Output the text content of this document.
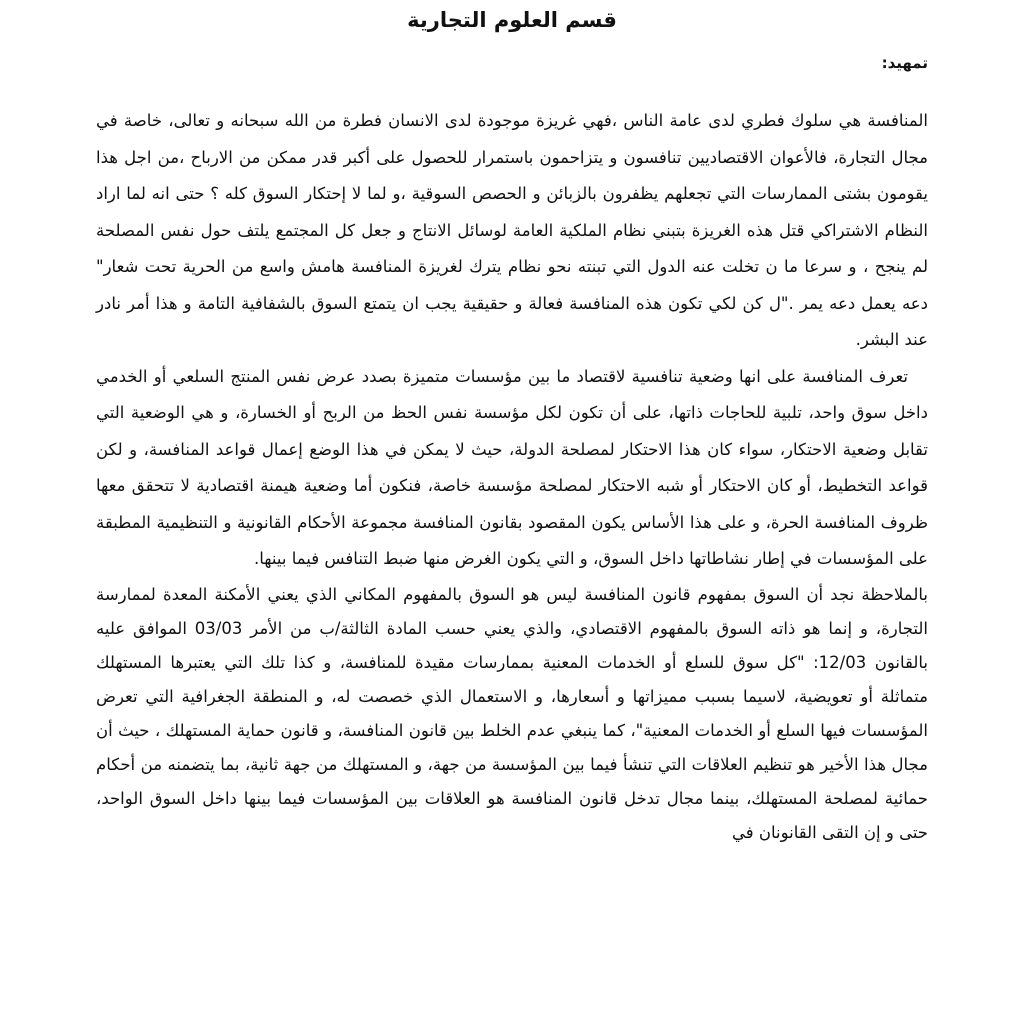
قسم العلوم التجارية
تمهيد:

المنافسة هي سلوك فطري لدى عامة الناس ،فهي غريزة موجودة لدى الانسان فطرة من الله سبحانه و تعالى، خاصة في مجال التجارة، فالأعوان الاقتصاديين تنافسون و يتزاحمون باستمرار للحصول على أكبر قدر ممكن من الارباح ،من اجل هذا يقومون بشتى الممارسات التي تجعلهم يظفرون بالزبائن و الحصص السوقية ،و لما لا إحتكار السوق كله ؟ حتى انه لما اراد النظام الاشتراكي قتل هذه الغريزة بتبني نظام الملكية العامة لوسائل الانتاج و جعل كل المجتمع يلتف حول نفس المصلحة لم ينجح ، و سرعا ما ن تخلت عنه الدول التي تبنته نحو نظام يترك لغريزة المنافسة هامش واسع من الحرية تحت شعار" دعه يعمل دعه يمر ."ل كن لكي تكون هذه المنافسة فعالة و حقيقية يجب ان يتمتع السوق بالشفافية التامة و هذا أمر نادر عند البشر.

تعرف المنافسة على انها وضعية تنافسية لاقتصاد ما بين مؤسسات متميزة بصدد عرض نفس المنتج السلعي أو الخدمي داخل سوق واحد، تلبية للحاجات ذاتها، على أن تكون لكل مؤسسة نفس الحظ من الربح أو الخسارة، و هي الوضعية التي تقابل وضعية الاحتكار، سواء كان هذا الاحتكار لمصلحة الدولة، حيث لا يمكن في هذا الوضع إعمال قواعد المنافسة، و لكن قواعد التخطيط، أو كان الاحتكار أو شبه الاحتكار لمصلحة مؤسسة خاصة، فنكون أما وضعية هيمنة اقتصادية لا تتحقق معها ظروف المنافسة الحرة، و على هذا الأساس يكون المقصود بقانون المنافسة مجموعة الأحكام القانونية و التنظيمية المطبقة على المؤسسات في إطار نشاطاتها داخل السوق، و التي يكون الغرض منها ضبط التنافس فيما بينها.

بالملاحظة نجد أن السوق بمفهوم قانون المنافسة ليس هو السوق بالمفهوم المكاني الذي يعني الأمكنة المعدة لممارسة التجارة، و إنما هو ذاته السوق بالمفهوم الاقتصادي، والذي يعني حسب المادة الثالثة/ب من الأمر 03/03 الموافق عليه بالقانون 12/03: "كل سوق للسلع أو الخدمات المعنية بممارسات مقيدة للمنافسة، و كذا تلك التي يعتبرها المستهلك متماثلة أو تعويضية، لاسيما بسبب مميزاتها و أسعارها، و الاستعمال الذي خصصت له، و المنطقة الجغرافية التي تعرض المؤسسات فيها السلع أو الخدمات المعنية"، كما ينبغي عدم الخلط بين قانون المنافسة، و قانون حماية المستهلك ، حيث أن مجال هذا الأخير هو تنظيم العلاقات التي تنشأ فيما بين المؤسسة من جهة، و المستهلك من جهة ثانية، بما يتضمنه من أحكام حمائية لمصلحة المستهلك، بينما مجال تدخل قانون المنافسة هو العلاقات بين المؤسسات فيما بينها داخل السوق الواحد، حتى و إن التقى القانونان في
